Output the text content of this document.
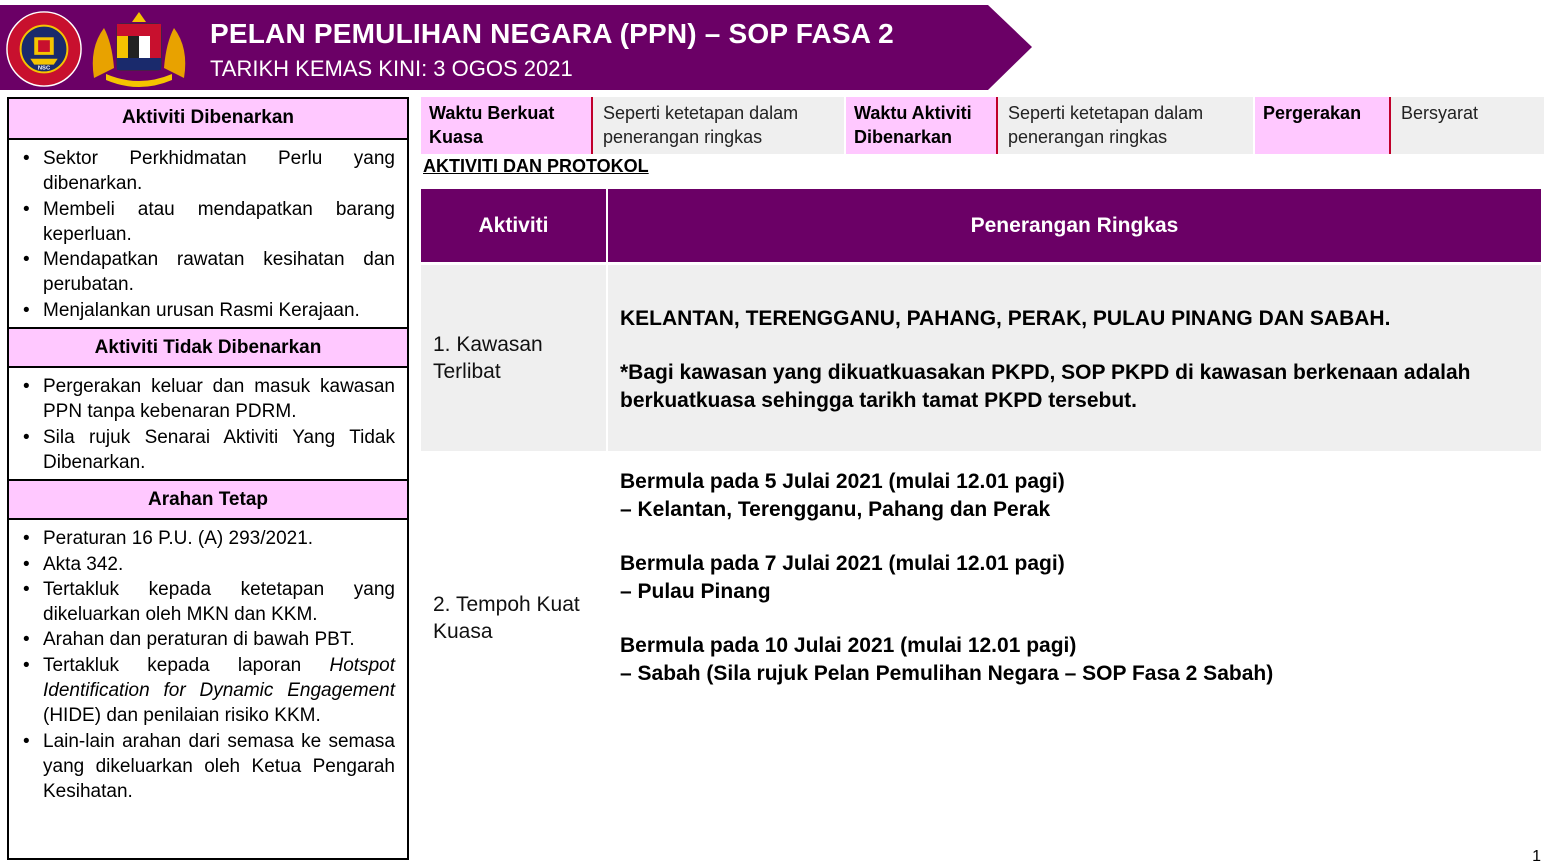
NSC
PELAN PEMULIHAN NEGARA (PPN) – SOP FASA 2
TARIKH KEMAS KINI: 3 OGOS 2021
Aktiviti Dibenarkan
• Sektor Perkhidmatan Perlu yang dibenarkan.
• Membeli atau mendapatkan barang keperluan.
• Mendapatkan rawatan kesihatan dan perubatan.
• Menjalankan urusan Rasmi Kerajaan.
Aktiviti Tidak Dibenarkan
• Pergerakan keluar dan masuk kawasan PPN tanpa kebenaran PDRM.
• Sila rujuk Senarai Aktiviti Yang Tidak Dibenarkan.
Arahan Tetap
• Peraturan 16 P.U. (A) 293/2021.
• Akta 342.
• Tertakluk kepada ketetapan yang dikeluarkan oleh MKN dan KKM.
• Arahan dan peraturan di bawah PBT.
• Tertakluk kepada laporan Hotspot Identification for Dynamic Engagement (HIDE) dan penilaian risiko KKM.
• Lain-lain arahan dari semasa ke semasa yang dikeluarkan oleh Ketua Pengarah Kesihatan.
Waktu Berkuat Kuasa
Seperti ketetapan dalam penerangan ringkas
Waktu Aktiviti Dibenarkan
Seperti ketetapan dalam penerangan ringkas
Pergerakan	Bersyarat
AKTIVITI DAN PROTOKOL
Aktiviti	Penerangan Ringkas
1. Kawasan Terlibat
KELANTAN, TERENGGANU, PAHANG, PERAK, PULAU PINANG DAN SABAH.
*Bagi kawasan yang dikuatkuasakan PKPD, SOP PKPD di kawasan berkenaan adalah berkuatkuasa sehingga tarikh tamat PKPD tersebut.
2. Tempoh Kuat Kuasa
Bermula pada 5 Julai 2021 (mulai 12.01 pagi)
– Kelantan, Terengganu, Pahang dan Perak
Bermula pada 7 Julai 2021 (mulai 12.01 pagi)
– Pulau Pinang
Bermula pada 10 Julai 2021 (mulai 12.01 pagi)
– Sabah (Sila rujuk Pelan Pemulihan Negara – SOP Fasa 2 Sabah)
1
